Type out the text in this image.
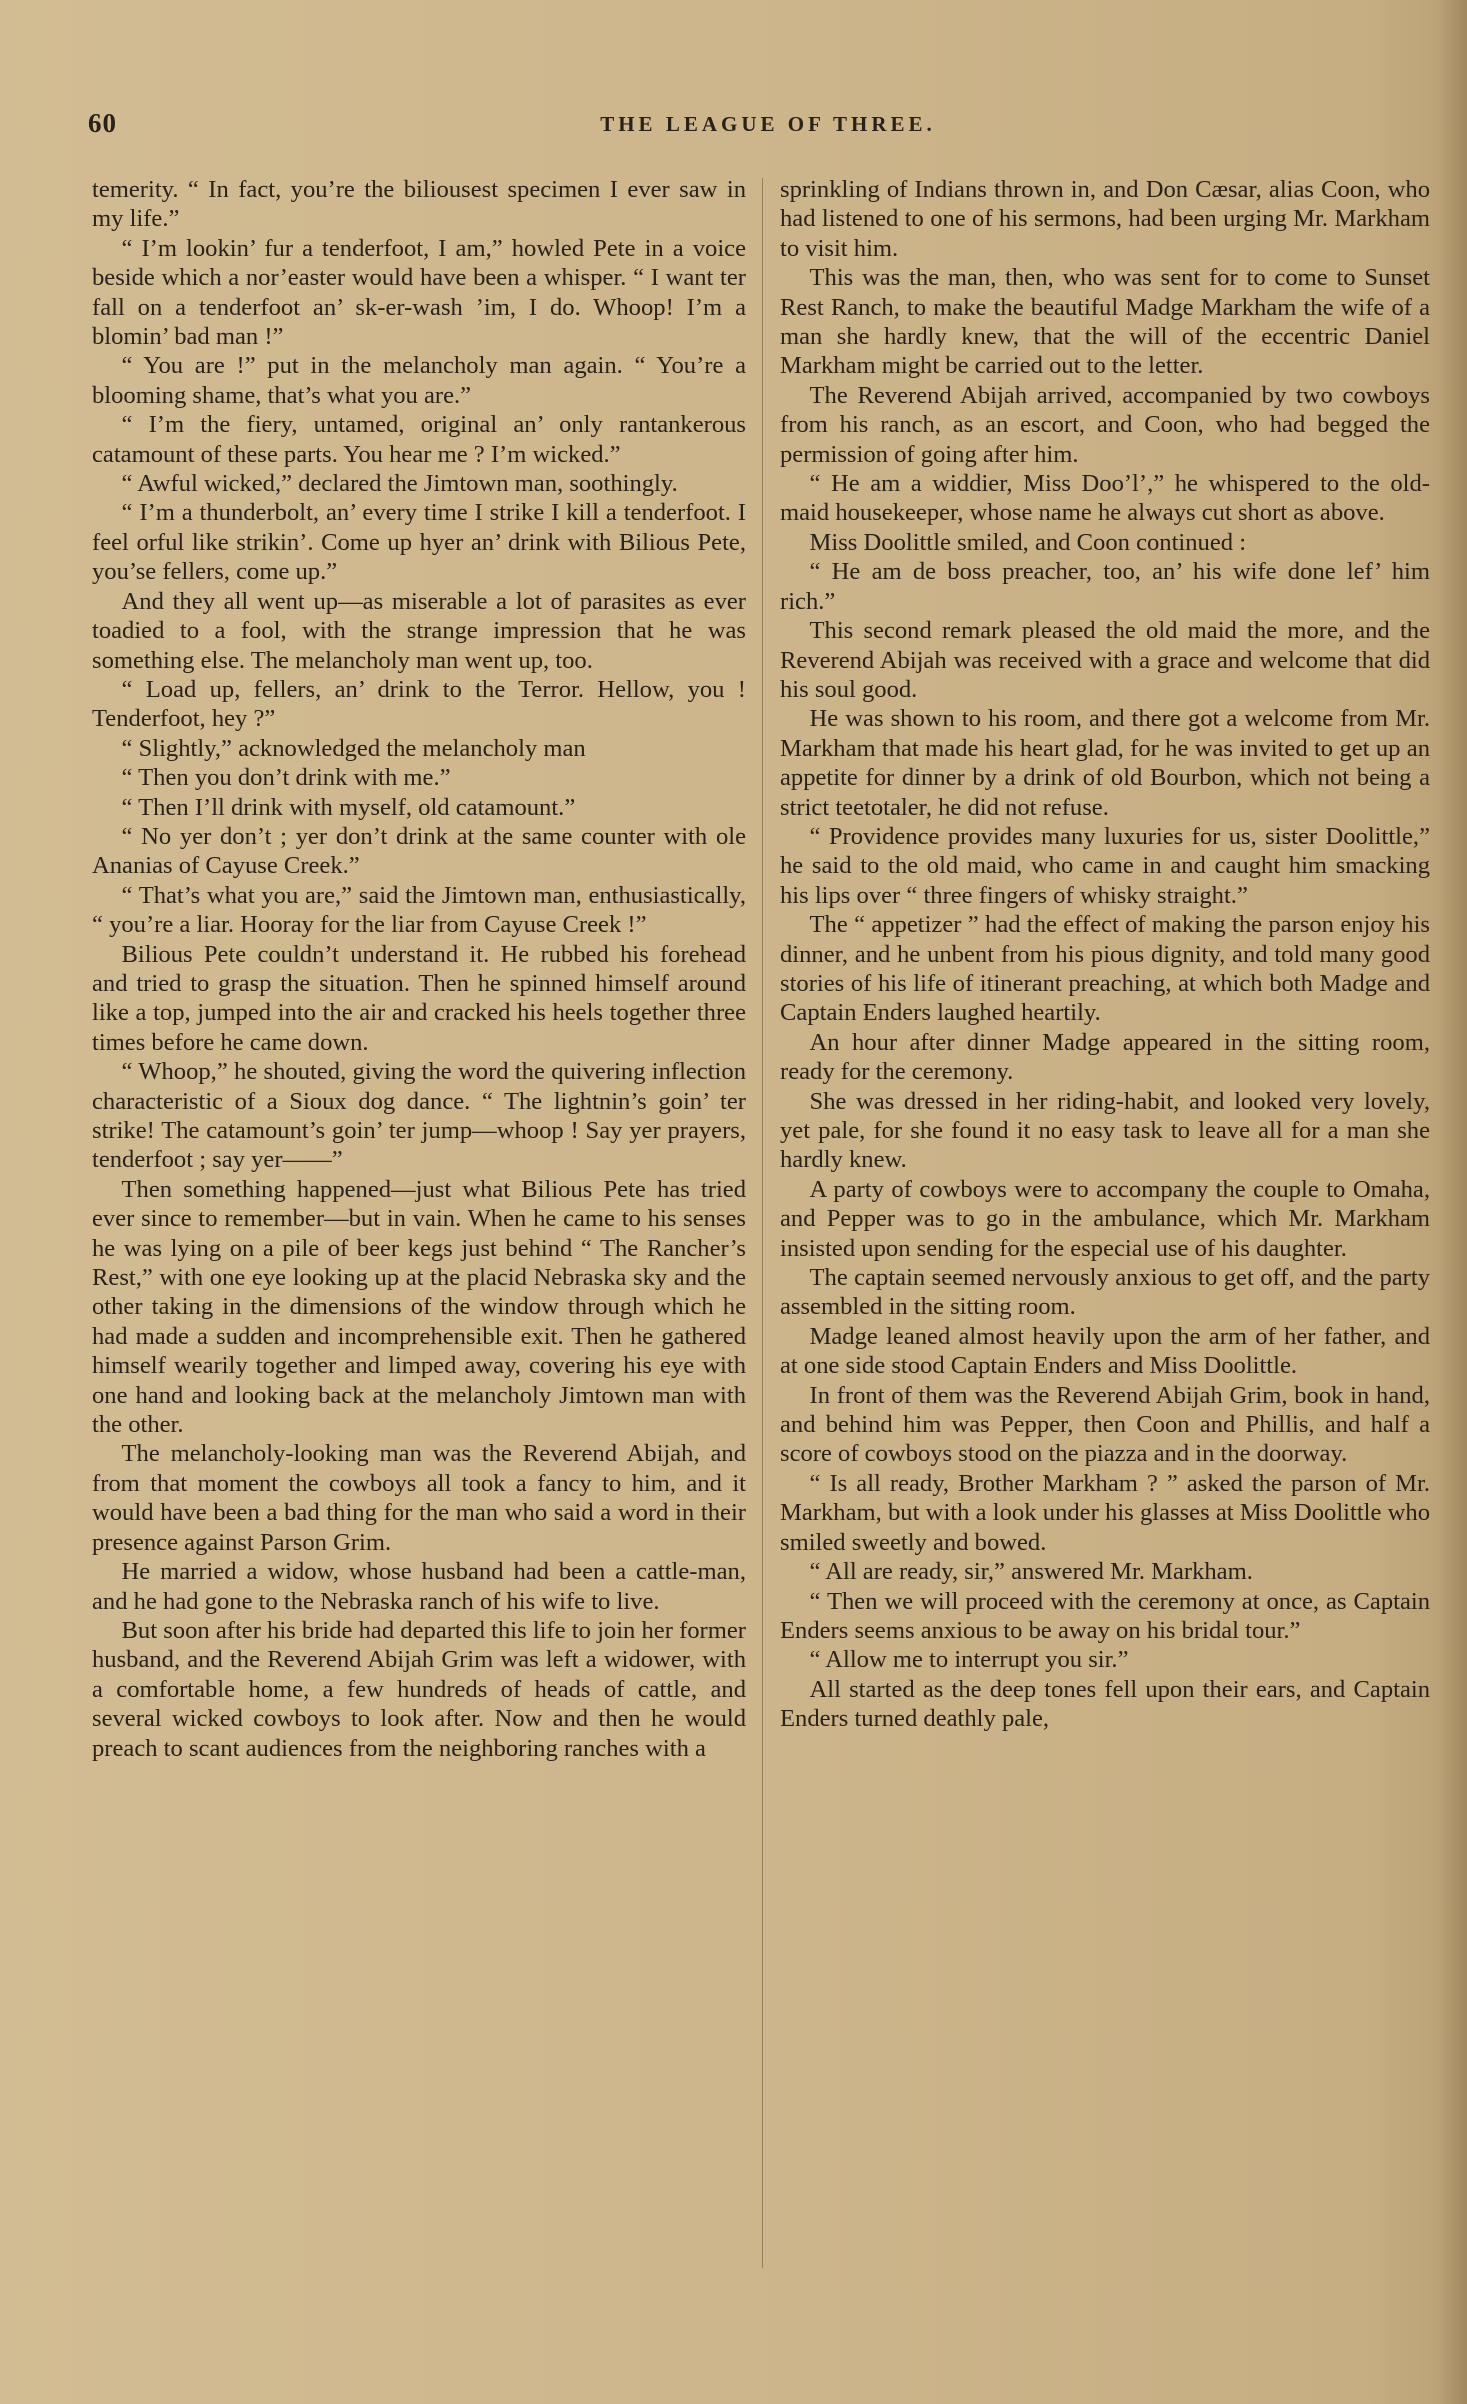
60	THE LEAGUE OF THREE.

temerity. “ In fact, you’re the biliousest specimen I ever saw in my life.”

“ I’m lookin’ fur a tenderfoot, I am,” howled Pete in a voice beside which a nor’easter would have been a whisper. “ I want ter fall on a tenderfoot an’ sk-er-wash ’im, I do. Whoop! I’m a blomin’ bad man !”

“ You are !” put in the melancholy man again. “ You’re a blooming shame, that’s what you are.”

“ I’m the fiery, untamed, original an’ only rantankerous catamount of these parts. You hear me ? I’m wicked.”

“ Awful wicked,” declared the Jimtown man, soothingly.

“ I’m a thunderbolt, an’ every time I strike I kill a tenderfoot. I feel orful like strikin’. Come up hyer an’ drink with Bilious Pete, you’se fellers, come up.”

And they all went up—as miserable a lot of parasites as ever toadied to a fool, with the strange impression that he was something else. The melancholy man went up, too.

“ Load up, fellers, an’ drink to the Terror. Hellow, you ! Tenderfoot, hey ?”

“ Slightly,” acknowledged the melancholy man

“ Then you don’t drink with me.”

“ Then I’ll drink with myself, old catamount.”

“ No yer don’t ; yer don’t drink at the same counter with ole Ananias of Cayuse Creek.”

“ That’s what you are,” said the Jimtown man, enthusiastically, “ you’re a liar. Hooray for the liar from Cayuse Creek !”

Bilious Pete couldn’t understand it. He rubbed his forehead and tried to grasp the situation. Then he spinned himself around like a top, jumped into the air and cracked his heels together three times before he came down.

“ Whoop,” he shouted, giving the word the quivering inflection characteristic of a Sioux dog dance. “ The lightnin’s goin’ ter strike! The catamount’s goin’ ter jump—whoop ! Say yer prayers, tenderfoot ; say yer——”

Then something happened—just what Bilious Pete has tried ever since to remember—but in vain. When he came to his senses he was lying on a pile of beer kegs just behind “ The Rancher’s Rest,” with one eye looking up at the placid Nebraska sky and the other taking in the dimensions of the window through which he had made a sudden and incomprehensible exit. Then he gathered himself wearily together and limped away, covering his eye with one hand and looking back at the melancholy Jimtown man with the other.

The melancholy-looking man was the Reverend Abijah, and from that moment the cowboys all took a fancy to him, and it would have been a bad thing for the man who said a word in their presence against Parson Grim.

He married a widow, whose husband had been a cattle-man, and he had gone to the Nebraska ranch of his wife to live.

But soon after his bride had departed this life to join her former husband, and the Reverend Abijah Grim was left a widower, with a comfortable home, a few hundreds of heads of cattle, and several wicked cowboys to look after. Now and then he would preach to scant audiences from the neighboring ranches with a

sprinkling of Indians thrown in, and Don Cæsar, alias Coon, who had listened to one of his sermons, had been urging Mr. Markham to visit him.

This was the man, then, who was sent for to come to Sunset Rest Ranch, to make the beautiful Madge Markham the wife of a man she hardly knew, that the will of the eccentric Daniel Markham might be carried out to the letter.

The Reverend Abijah arrived, accompanied by two cowboys from his ranch, as an escort, and Coon, who had begged the permission of going after him.

“ He am a widdier, Miss Doo’l’,” he whispered to the old-maid housekeeper, whose name he always cut short as above.

Miss Doolittle smiled, and Coon continued :

“ He am de boss preacher, too, an’ his wife done lef’ him rich.”

This second remark pleased the old maid the more, and the Reverend Abijah was received with a grace and welcome that did his soul good.

He was shown to his room, and there got a welcome from Mr. Markham that made his heart glad, for he was invited to get up an appetite for dinner by a drink of old Bourbon, which not being a strict teetotaler, he did not refuse.

“ Providence provides many luxuries for us, sister Doolittle,” he said to the old maid, who came in and caught him smacking his lips over “ three fingers of whisky straight.”

The “ appetizer ” had the effect of making the parson enjoy his dinner, and he unbent from his pious dignity, and told many good stories of his life of itinerant preaching, at which both Madge and Captain Enders laughed heartily.

An hour after dinner Madge appeared in the sitting room, ready for the ceremony.

She was dressed in her riding-habit, and looked very lovely, yet pale, for she found it no easy task to leave all for a man she hardly knew.

A party of cowboys were to accompany the couple to Omaha, and Pepper was to go in the ambulance, which Mr. Markham insisted upon sending for the especial use of his daughter.

The captain seemed nervously anxious to get off, and the party assembled in the sitting room.

Madge leaned almost heavily upon the arm of her father, and at one side stood Captain Enders and Miss Doolittle.

In front of them was the Reverend Abijah Grim, book in hand, and behind him was Pepper, then Coon and Phillis, and half a score of cowboys stood on the piazza and in the doorway.

“ Is all ready, Brother Markham ? ” asked the parson of Mr. Markham, but with a look under his glasses at Miss Doolittle who smiled sweetly and bowed.

“ All are ready, sir,” answered Mr. Markham.

“ Then we will proceed with the ceremony at once, as Captain Enders seems anxious to be away on his bridal tour.”

“ Allow me to interrupt you sir.”

All started as the deep tones fell upon their ears, and Captain Enders turned deathly pale,
